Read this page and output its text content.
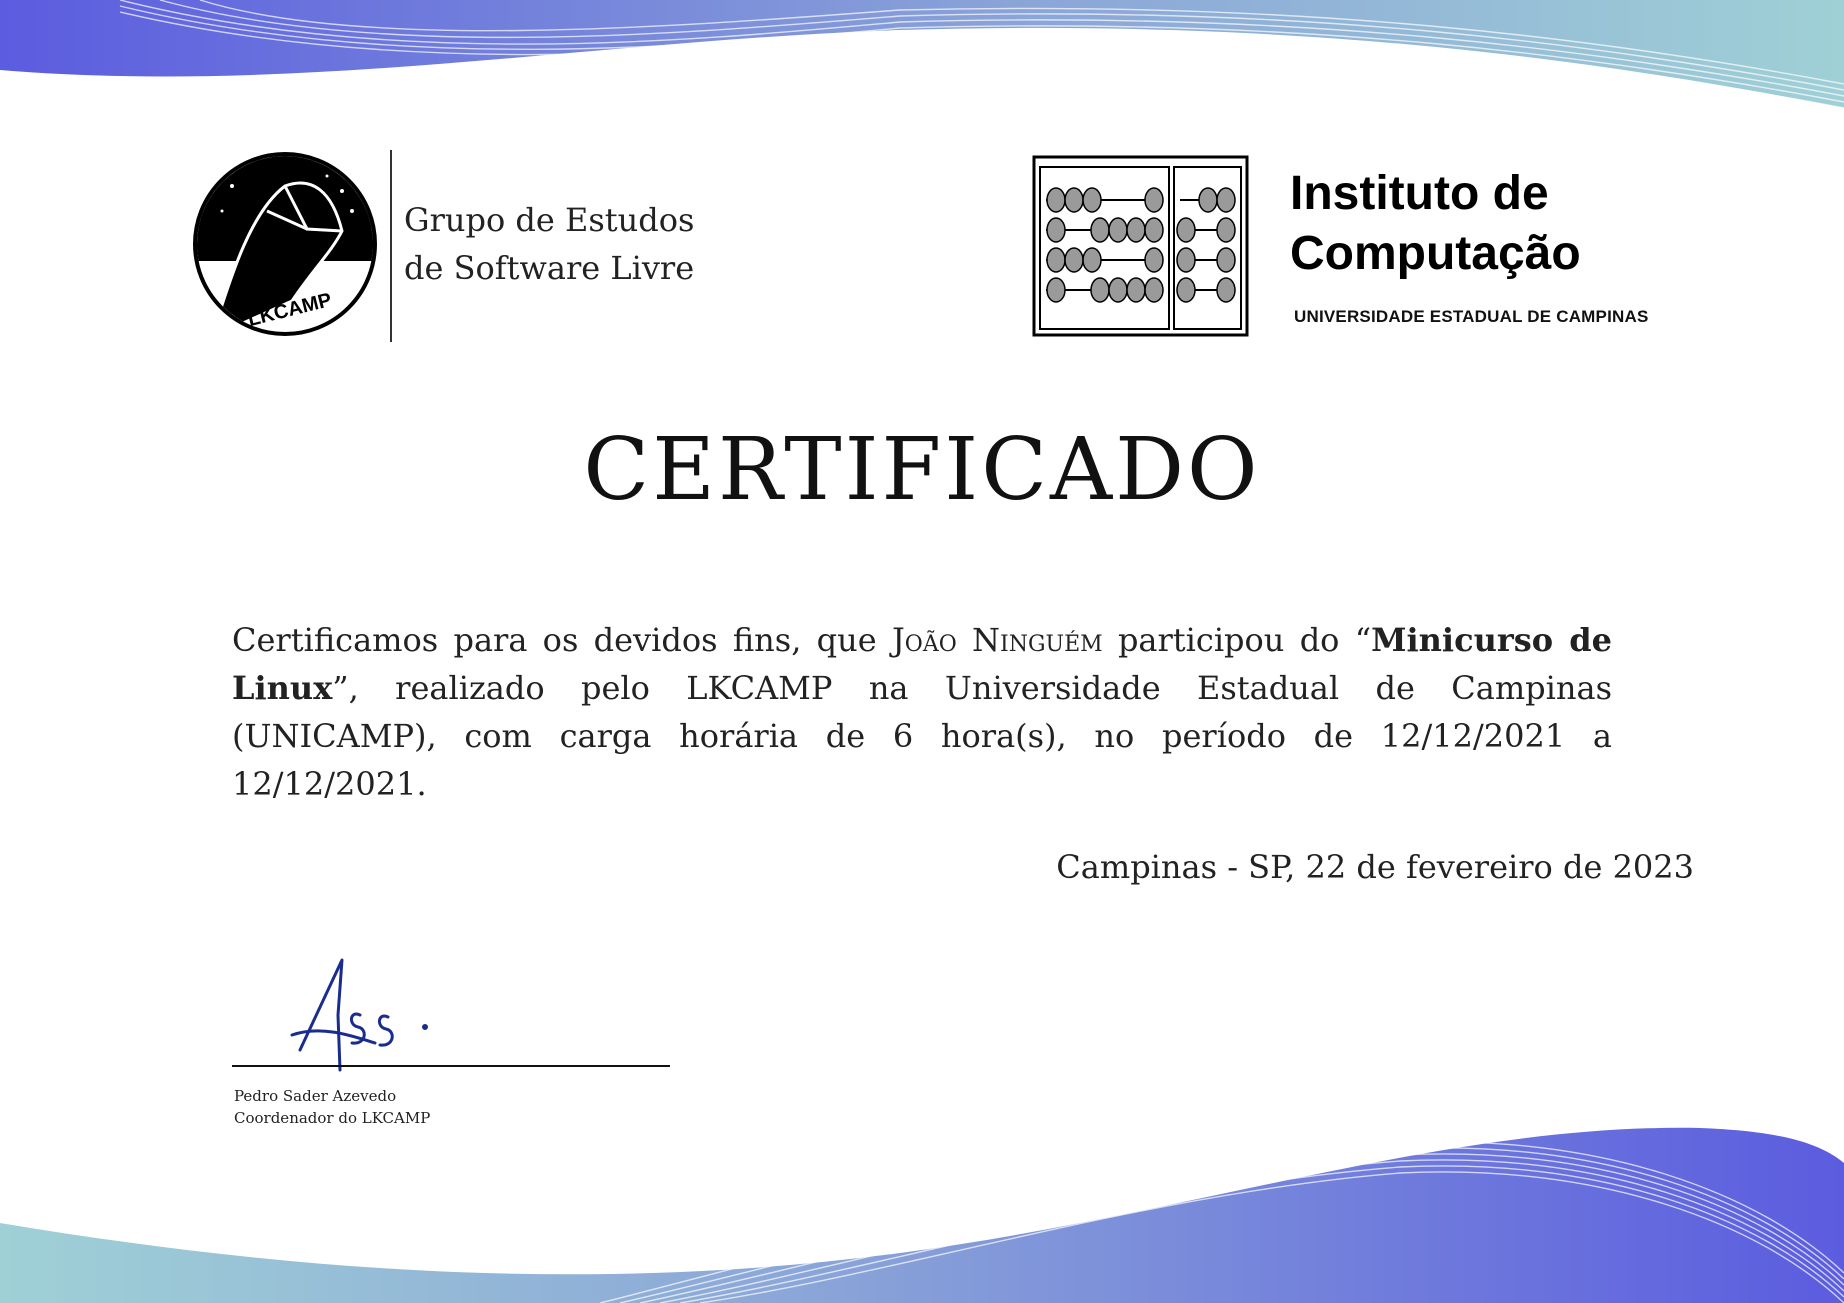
LKCAMP
Grupo de Estudos
de Software Livre
Instituto de
Computação
UNIVERSIDADE ESTADUAL DE CAMPINAS
CERTIFICADO
Certificamos para os devidos fins, que João Ninguém participou do “Minicurso de Linux”, realizado pelo LKCAMP na Universidade Estadual de Campinas (UNICAMP), com carga horária de 6 hora(s), no período de 12/12/2021 a 12/12/2021.
Campinas - SP, 22 de fevereiro de 2023
Pedro Sader Azevedo
Coordenador do LKCAMP
